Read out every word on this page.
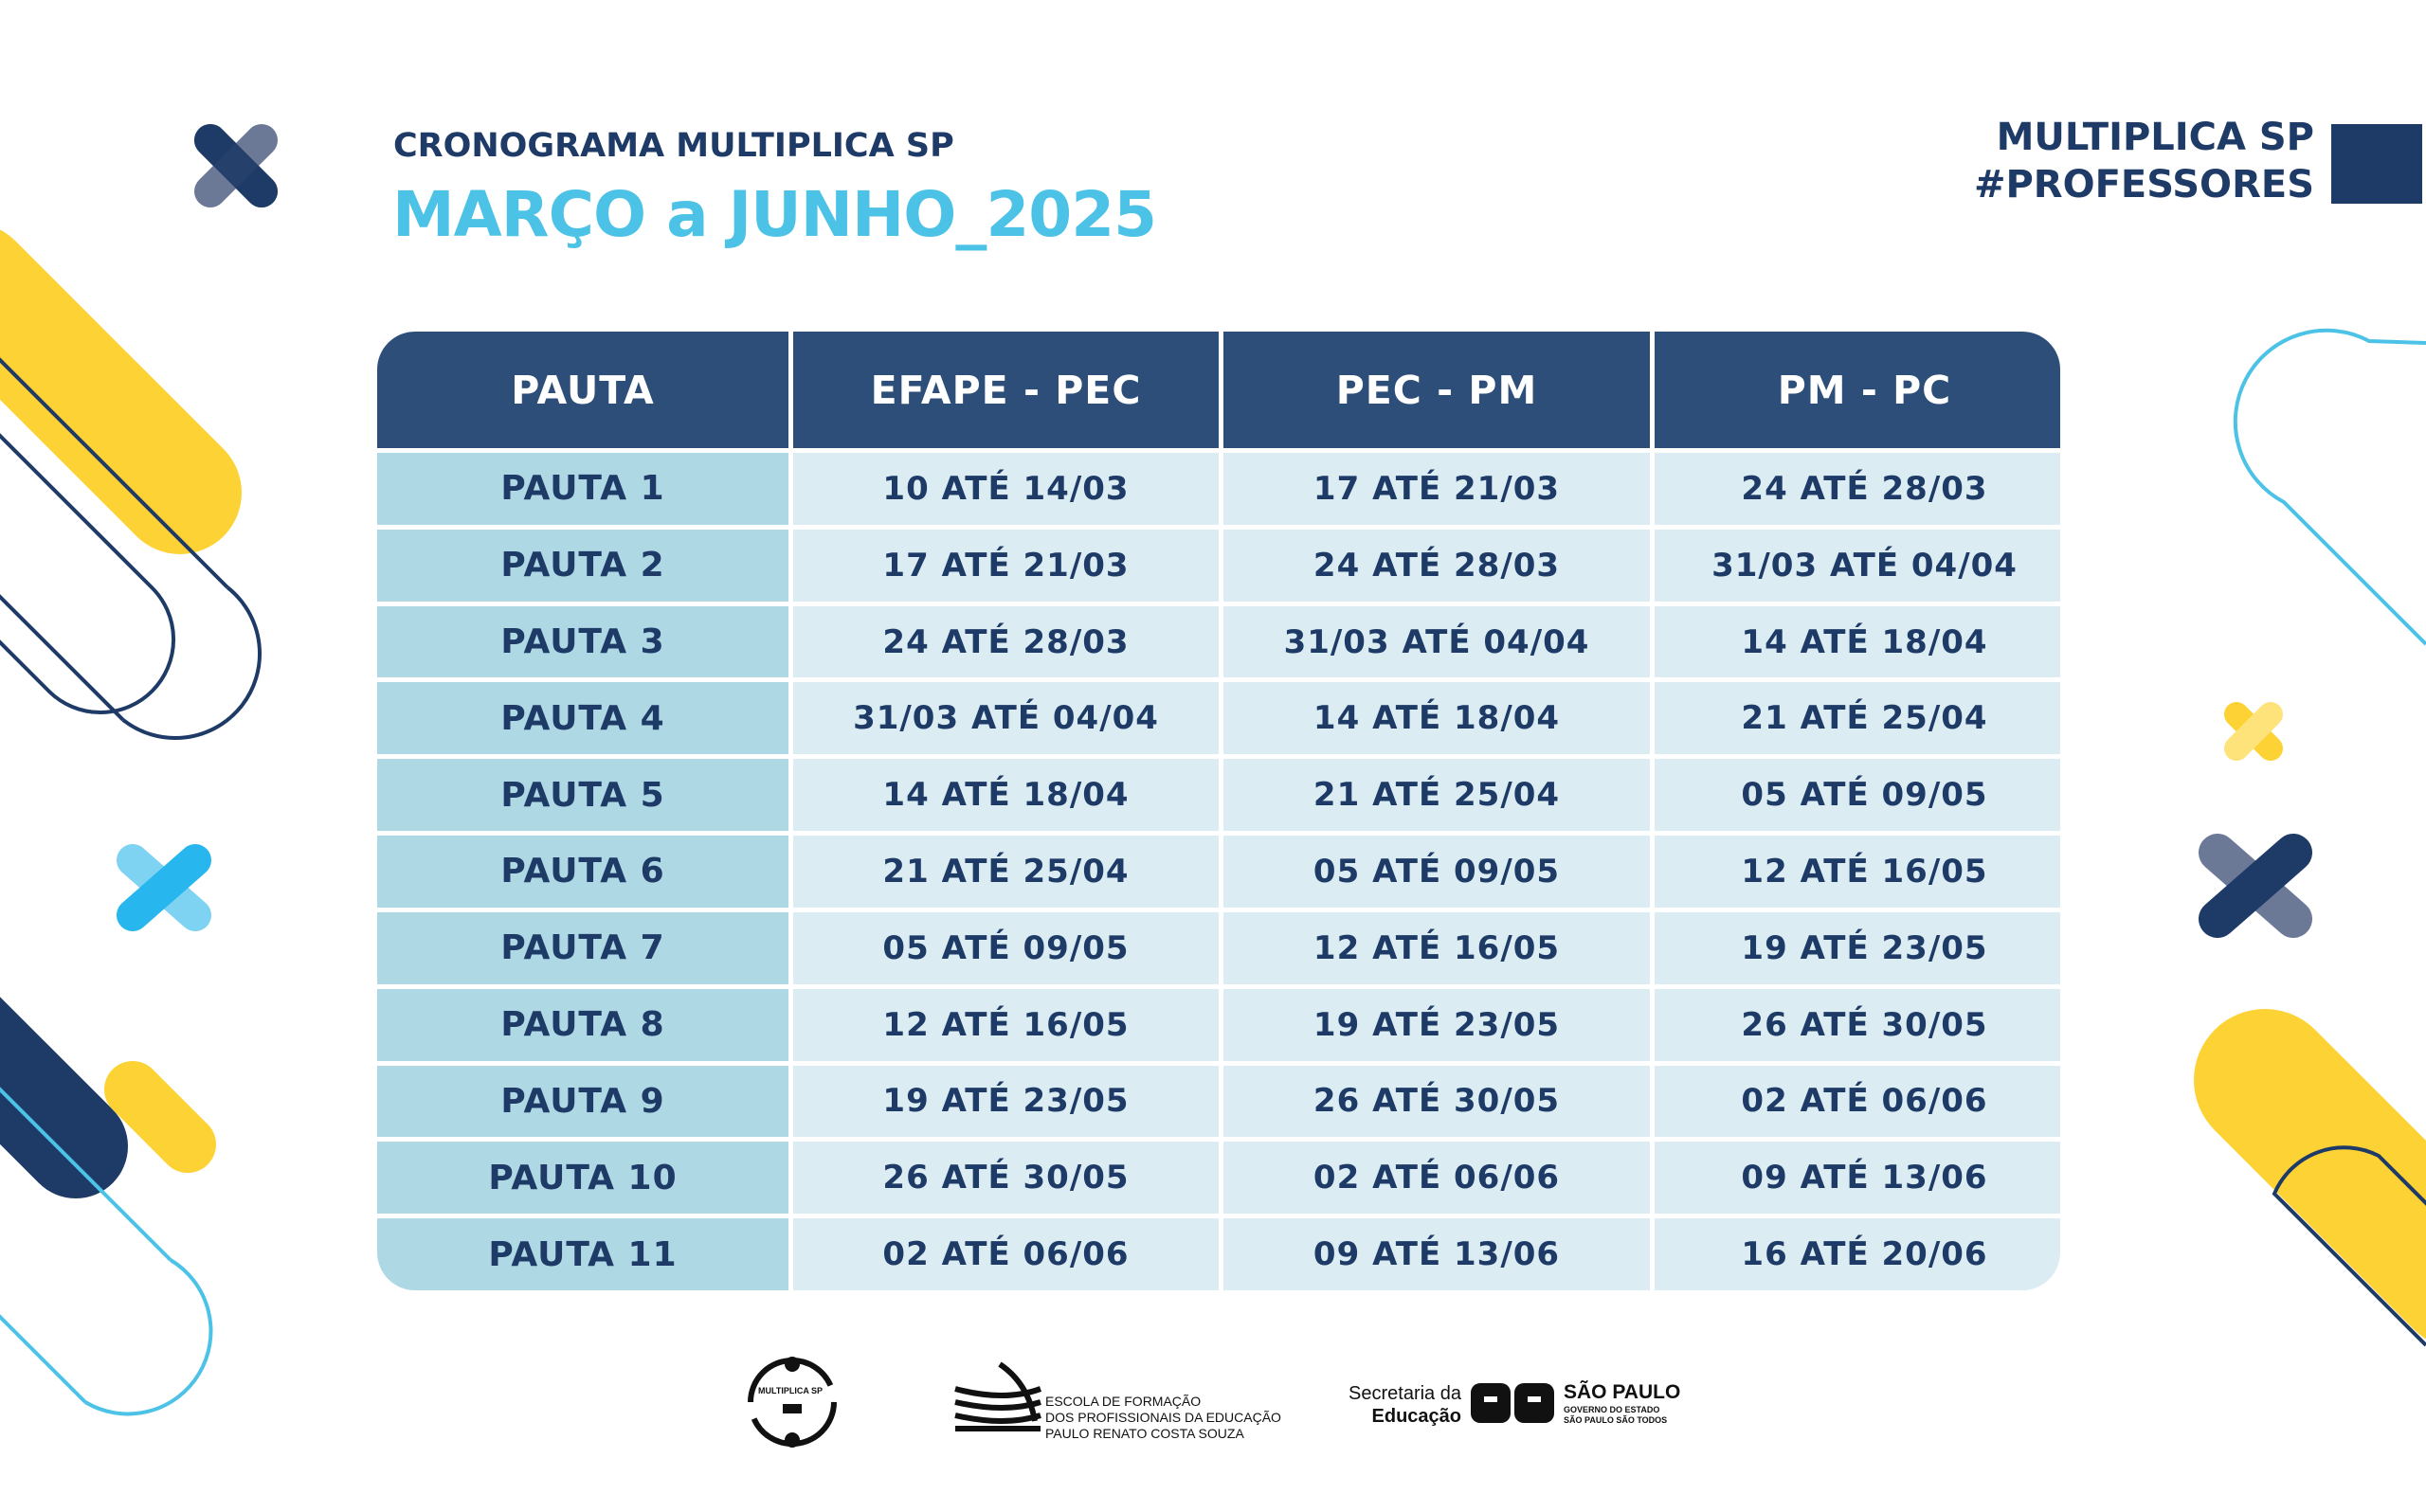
CRONOGRAMA MULTIPLICA SP
MARÇO a JUNHO_2025
MULTIPLICA SP
#PROFESSORES
PAUTA	EFAPE - PEC	PEC - PM	PM - PC
PAUTA 1	10 ATÉ 14/03	17 ATÉ 21/03	24 ATÉ 28/03
PAUTA 2	17 ATÉ 21/03	24 ATÉ 28/03	31/03 ATÉ 04/04
PAUTA 3	24 ATÉ 28/03	31/03 ATÉ 04/04	14 ATÉ 18/04
PAUTA 4	31/03 ATÉ 04/04	14 ATÉ 18/04	21 ATÉ 25/04
PAUTA 5	14 ATÉ 18/04	21 ATÉ 25/04	05 ATÉ 09/05
PAUTA 6	21 ATÉ 25/04	05 ATÉ 09/05	12 ATÉ 16/05
PAUTA 7	05 ATÉ 09/05	12 ATÉ 16/05	19 ATÉ 23/05
PAUTA 8	12 ATÉ 16/05	19 ATÉ 23/05	26 ATÉ 30/05
PAUTA 9	19 ATÉ 23/05	26 ATÉ 30/05	02 ATÉ 06/06
PAUTA 10	26 ATÉ 30/05	02 ATÉ 06/06	09 ATÉ 13/06
PAUTA 11	02 ATÉ 06/06	09 ATÉ 13/06	16 ATÉ 20/06
MULTIPLICA SP
ESCOLA DE FORMAÇÃO
DOS PROFISSIONAIS DA EDUCAÇÃO
PAULO RENATO COSTA SOUZA
Secretaria da
Educação
SÃO PAULO
GOVERNO DO ESTADO
SÃO PAULO SÃO TODOS
